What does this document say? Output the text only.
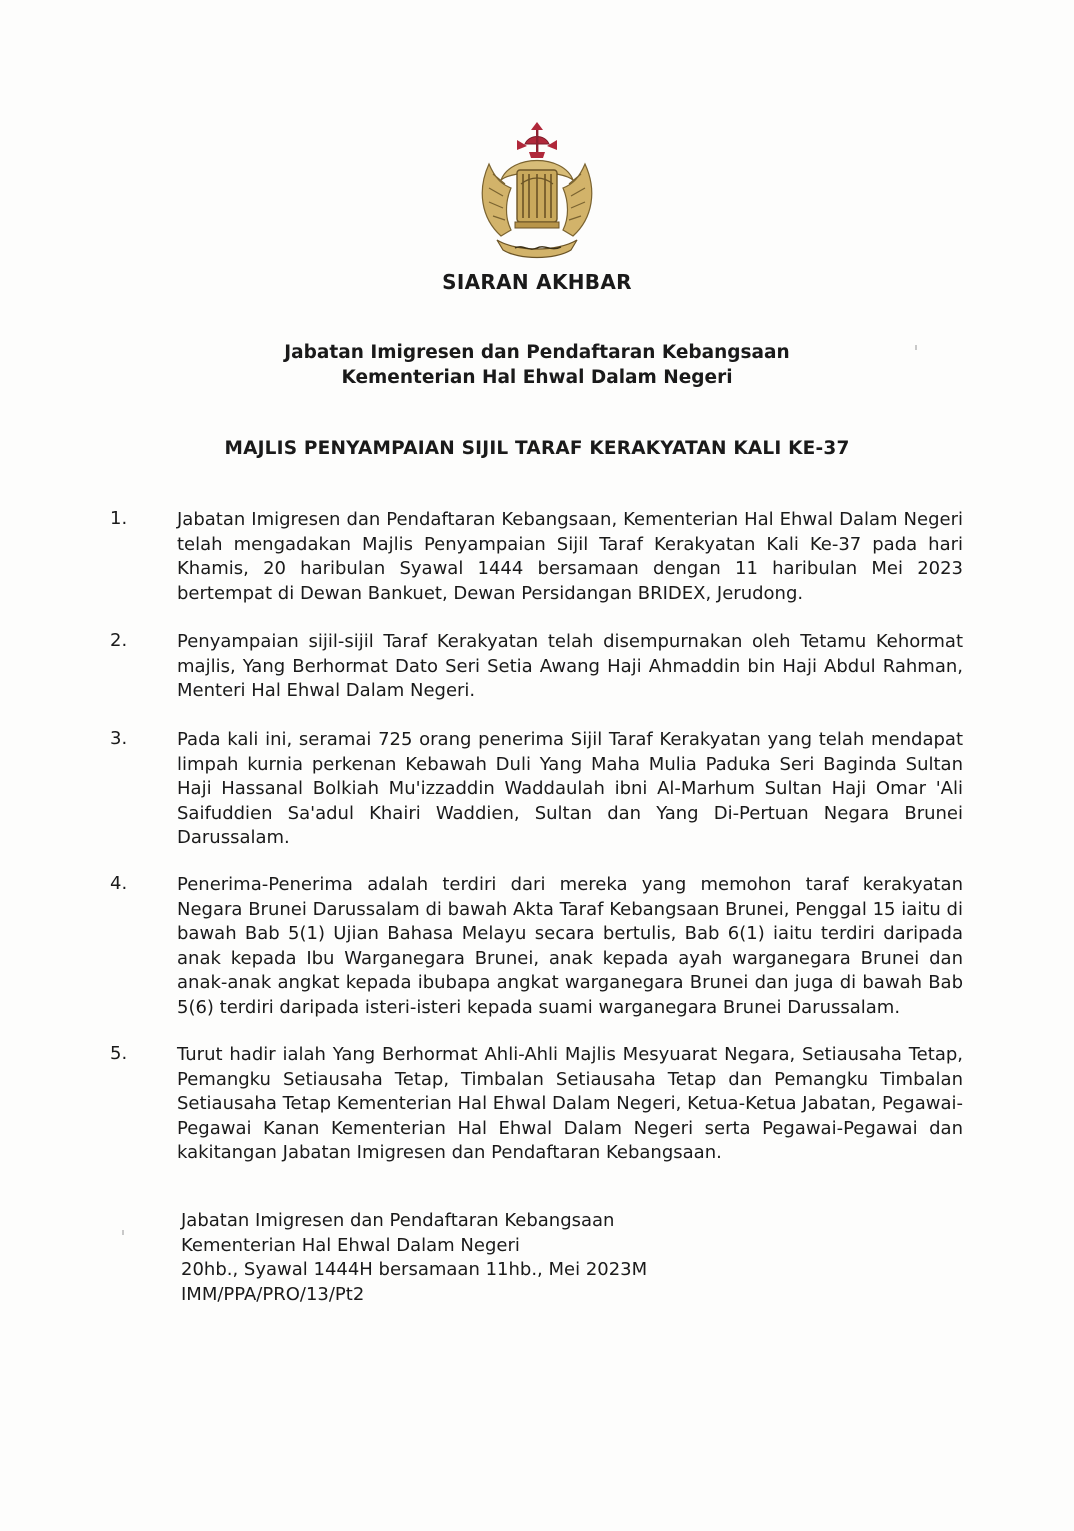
SIARAN AKHBAR
Jabatan Imigresen dan Pendaftaran Kebangsaan
Kementerian Hal Ehwal Dalam Negeri
MAJLIS PENYAMPAIAN SIJIL TARAF KERAKYATAN KALI KE-37
1.	Jabatan Imigresen dan Pendaftaran Kebangsaan, Kementerian Hal Ehwal Dalam Negeri telah mengadakan Majlis Penyampaian Sijil Taraf Kerakyatan Kali Ke-37 pada hari Khamis, 20 haribulan Syawal 1444 bersamaan dengan 11 haribulan Mei 2023 bertempat di Dewan Bankuet, Dewan Persidangan BRIDEX, Jerudong.
2.	Penyampaian sijil-sijil Taraf Kerakyatan telah disempurnakan oleh Tetamu Kehormat majlis, Yang Berhormat Dato Seri Setia Awang Haji Ahmaddin bin Haji Abdul Rahman, Menteri Hal Ehwal Dalam Negeri.
3.	Pada kali ini, seramai 725 orang penerima Sijil Taraf Kerakyatan yang telah mendapat limpah kurnia perkenan Kebawah Duli Yang Maha Mulia Paduka Seri Baginda Sultan Haji Hassanal Bolkiah Mu'izzaddin Waddaulah ibni Al-Marhum Sultan Haji Omar 'Ali Saifuddien Sa'adul Khairi Waddien, Sultan dan Yang Di-Pertuan Negara Brunei Darussalam.
4.	Penerima-Penerima adalah terdiri dari mereka yang memohon taraf kerakyatan Negara Brunei Darussalam di bawah Akta Taraf Kebangsaan Brunei, Penggal 15 iaitu di bawah Bab 5(1) Ujian Bahasa Melayu secara bertulis, Bab 6(1) iaitu terdiri daripada anak kepada Ibu Warganegara Brunei, anak kepada ayah warganegara Brunei dan anak-anak angkat kepada ibubapa angkat warganegara Brunei dan juga di bawah Bab 5(6) terdiri daripada isteri-isteri kepada suami warganegara Brunei Darussalam.
5.	Turut hadir ialah Yang Berhormat Ahli-Ahli Majlis Mesyuarat Negara, Setiausaha Tetap, Pemangku Setiausaha Tetap, Timbalan Setiausaha Tetap dan Pemangku Timbalan Setiausaha Tetap Kementerian Hal Ehwal Dalam Negeri, Ketua-Ketua Jabatan, Pegawai-Pegawai Kanan Kementerian Hal Ehwal Dalam Negeri serta Pegawai-Pegawai dan kakitangan Jabatan Imigresen dan Pendaftaran Kebangsaan.
Jabatan Imigresen dan Pendaftaran Kebangsaan
Kementerian Hal Ehwal Dalam Negeri
20hb., Syawal 1444H bersamaan 11hb., Mei 2023M
IMM/PPA/PRO/13/Pt2
